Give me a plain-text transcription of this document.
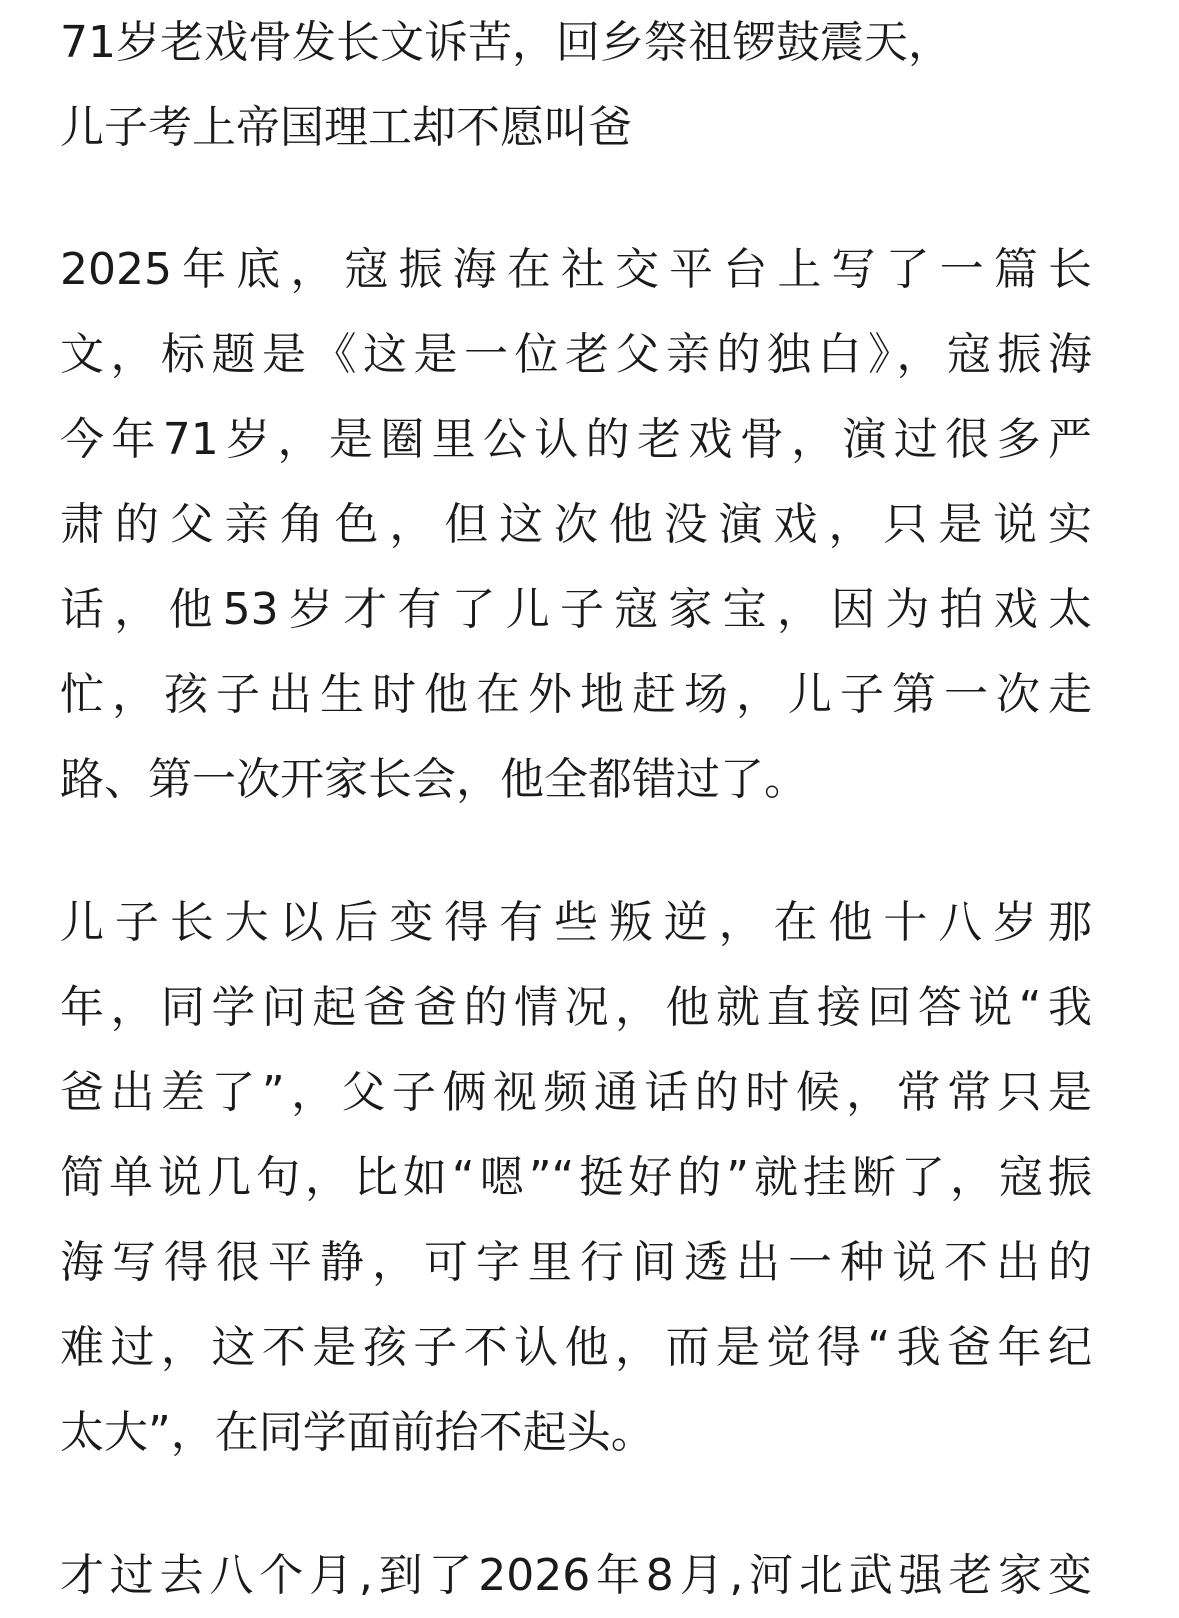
71岁老戏骨发长文诉苦，回乡祭祖锣鼓震天，
儿子考上帝国理工却不愿叫爸

2025年底，寇振海在社交平台上写了一篇长
文，标题是《这是一位老父亲的独白》，寇振海
今年71岁，是圈里公认的老戏骨，演过很多严
肃的父亲角色，但这次他没演戏，只是说实
话，他53岁才有了儿子寇家宝，因为拍戏太
忙，孩子出生时他在外地赶场，儿子第一次走
路、第一次开家长会，他全都错过了。

儿子长大以后变得有些叛逆，在他十八岁那
年，同学问起爸爸的情况，他就直接回答说“我
爸出差了”，父子俩视频通话的时候，常常只是
简单说几句，比如“嗯”“挺好的”就挂断了，寇振
海写得很平静，可字里行间透出一种说不出的
难过，这不是孩子不认他，而是觉得“我爸年纪
太大”，在同学面前抬不起头。

才过去八个月,到了2026年8月,河北武强老家变
